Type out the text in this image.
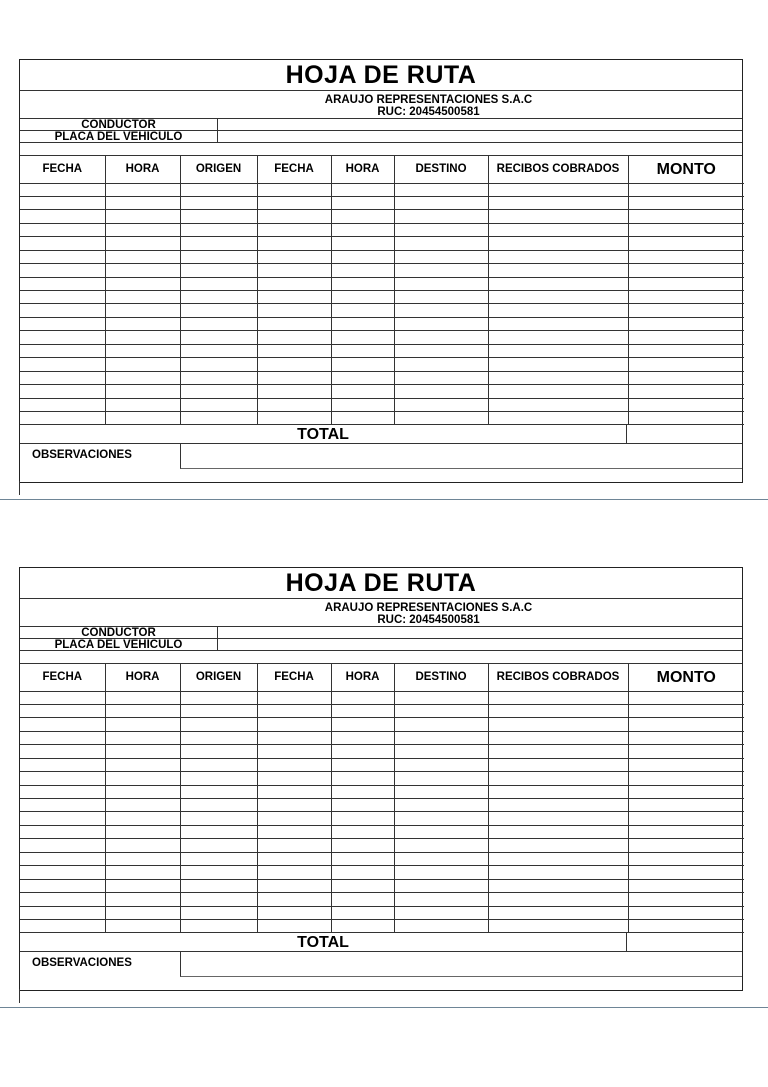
HOJA DE RUTA
ARAUJO REPRESENTACIONES S.A.C
RUC: 20454500581
CONDUCTOR
PLACA DEL VEHICULO
FECHA	HORA	ORIGEN	FECHA	HORA	DESTINO	RECIBOS COBRADOS	MONTO

TOTAL
OBSERVACIONES
HOJA DE RUTA
ARAUJO REPRESENTACIONES S.A.C
RUC: 20454500581
CONDUCTOR
PLACA DEL VEHICULO
FECHA	HORA	ORIGEN	FECHA	HORA	DESTINO	RECIBOS COBRADOS	MONTO

TOTAL
OBSERVACIONES
